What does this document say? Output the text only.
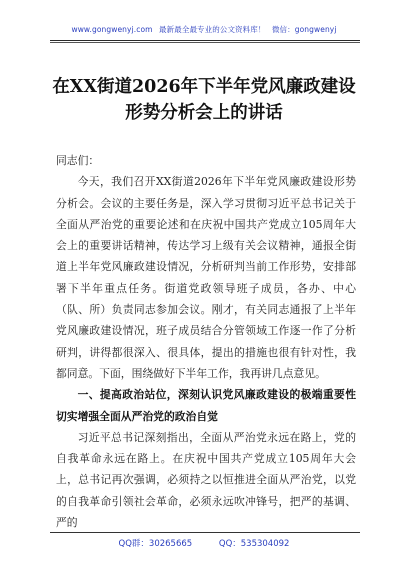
www.gongwenyj.com 最新最全最专业的公文资料库！ 微信：gongwenyj
在XX街道2026年下半年党风廉政建设
形势分析会上的讲话

同志们：

今天，我们召开XX街道2026年下半年党风廉政建设形势分析会。会议的主要任务是，深入学习贯彻习近平总书记关于全面从严治党的重要论述和在庆祝中国共产党成立105周年大会上的重要讲话精神，传达学习上级有关会议精神，通报全街道上半年党风廉政建设情况，分析研判当前工作形势，安排部署下半年重点任务。街道党政领导班子成员，各办、中心（队、所）负责同志参加会议。刚才，有关同志通报了上半年党风廉政建设情况，班子成员结合分管领域工作逐一作了分析研判，讲得都很深入、很具体，提出的措施也很有针对性，我都同意。下面，围绕做好下半年工作，我再讲几点意见。

一、提高政治站位，深刻认识党风廉政建设的极端重要性切实增强全面从严治党的政治自觉

习近平总书记深刻指出，全面从严治党永远在路上，党的自我革命永远在路上。在庆祝中国共产党成立105周年大会上，总书记再次强调，必须持之以恒推进全面从严治党，以党的自我革命引领社会革命，必须永远吹冲锋号，把严的基调、严的

QQ群：30265665	QQ：535304092
